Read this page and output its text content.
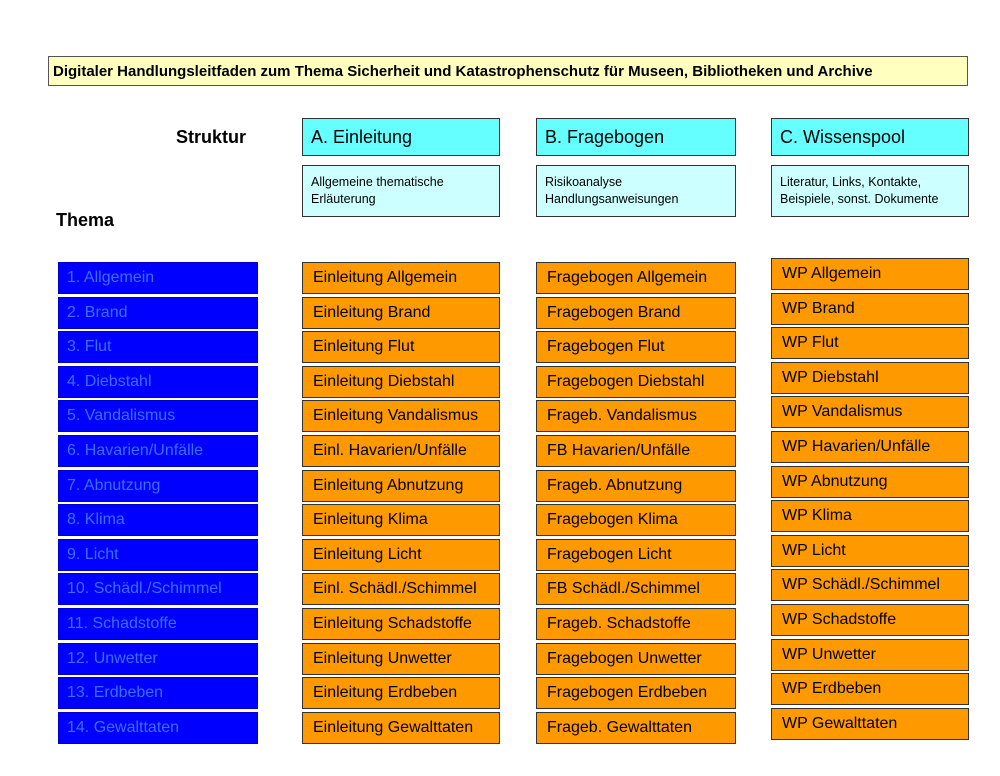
Digitaler Handlungsleitfaden zum Thema Sicherheit und Katastrophenschutz für Museen, Bibliotheken und Archive
Struktur
Thema
A. Einleitung	B. Fragebogen	C. Wissenspool
Allgemeine thematische
Erläuterung
Risikoanalyse
Handlungsanweisungen
Literatur, Links, Kontakte,
Beispiele, sonst. Dokumente
1. Allgemein
2. Brand
3. Flut
4. Diebstahl
5. Vandalismus
6. Havarien/Unfälle
7. Abnutzung
8. Klima
9. Licht
10. Schädl./Schimmel
11. Schadstoffe
12. Unwetter
13. Erdbeben
14. Gewalttaten
Einleitung Allgemein
Einleitung Brand
Einleitung Flut
Einleitung Diebstahl
Einleitung Vandalismus
Einl. Havarien/Unfälle
Einleitung Abnutzung
Einleitung Klima
Einleitung Licht
Einl. Schädl./Schimmel
Einleitung Schadstoffe
Einleitung Unwetter
Einleitung Erdbeben
Einleitung Gewalttaten
Fragebogen Allgemein
Fragebogen Brand
Fragebogen Flut
Fragebogen Diebstahl
Frageb. Vandalismus
FB Havarien/Unfälle
Frageb. Abnutzung
Fragebogen Klima
Fragebogen Licht
FB Schädl./Schimmel
Frageb. Schadstoffe
Fragebogen Unwetter
Fragebogen Erdbeben
Frageb. Gewalttaten
WP Allgemein
WP Brand
WP Flut
WP Diebstahl
WP Vandalismus
WP Havarien/Unfälle
WP Abnutzung
WP Klima
WP Licht
WP Schädl./Schimmel
WP Schadstoffe
WP Unwetter
WP Erdbeben
WP Gewalttaten
